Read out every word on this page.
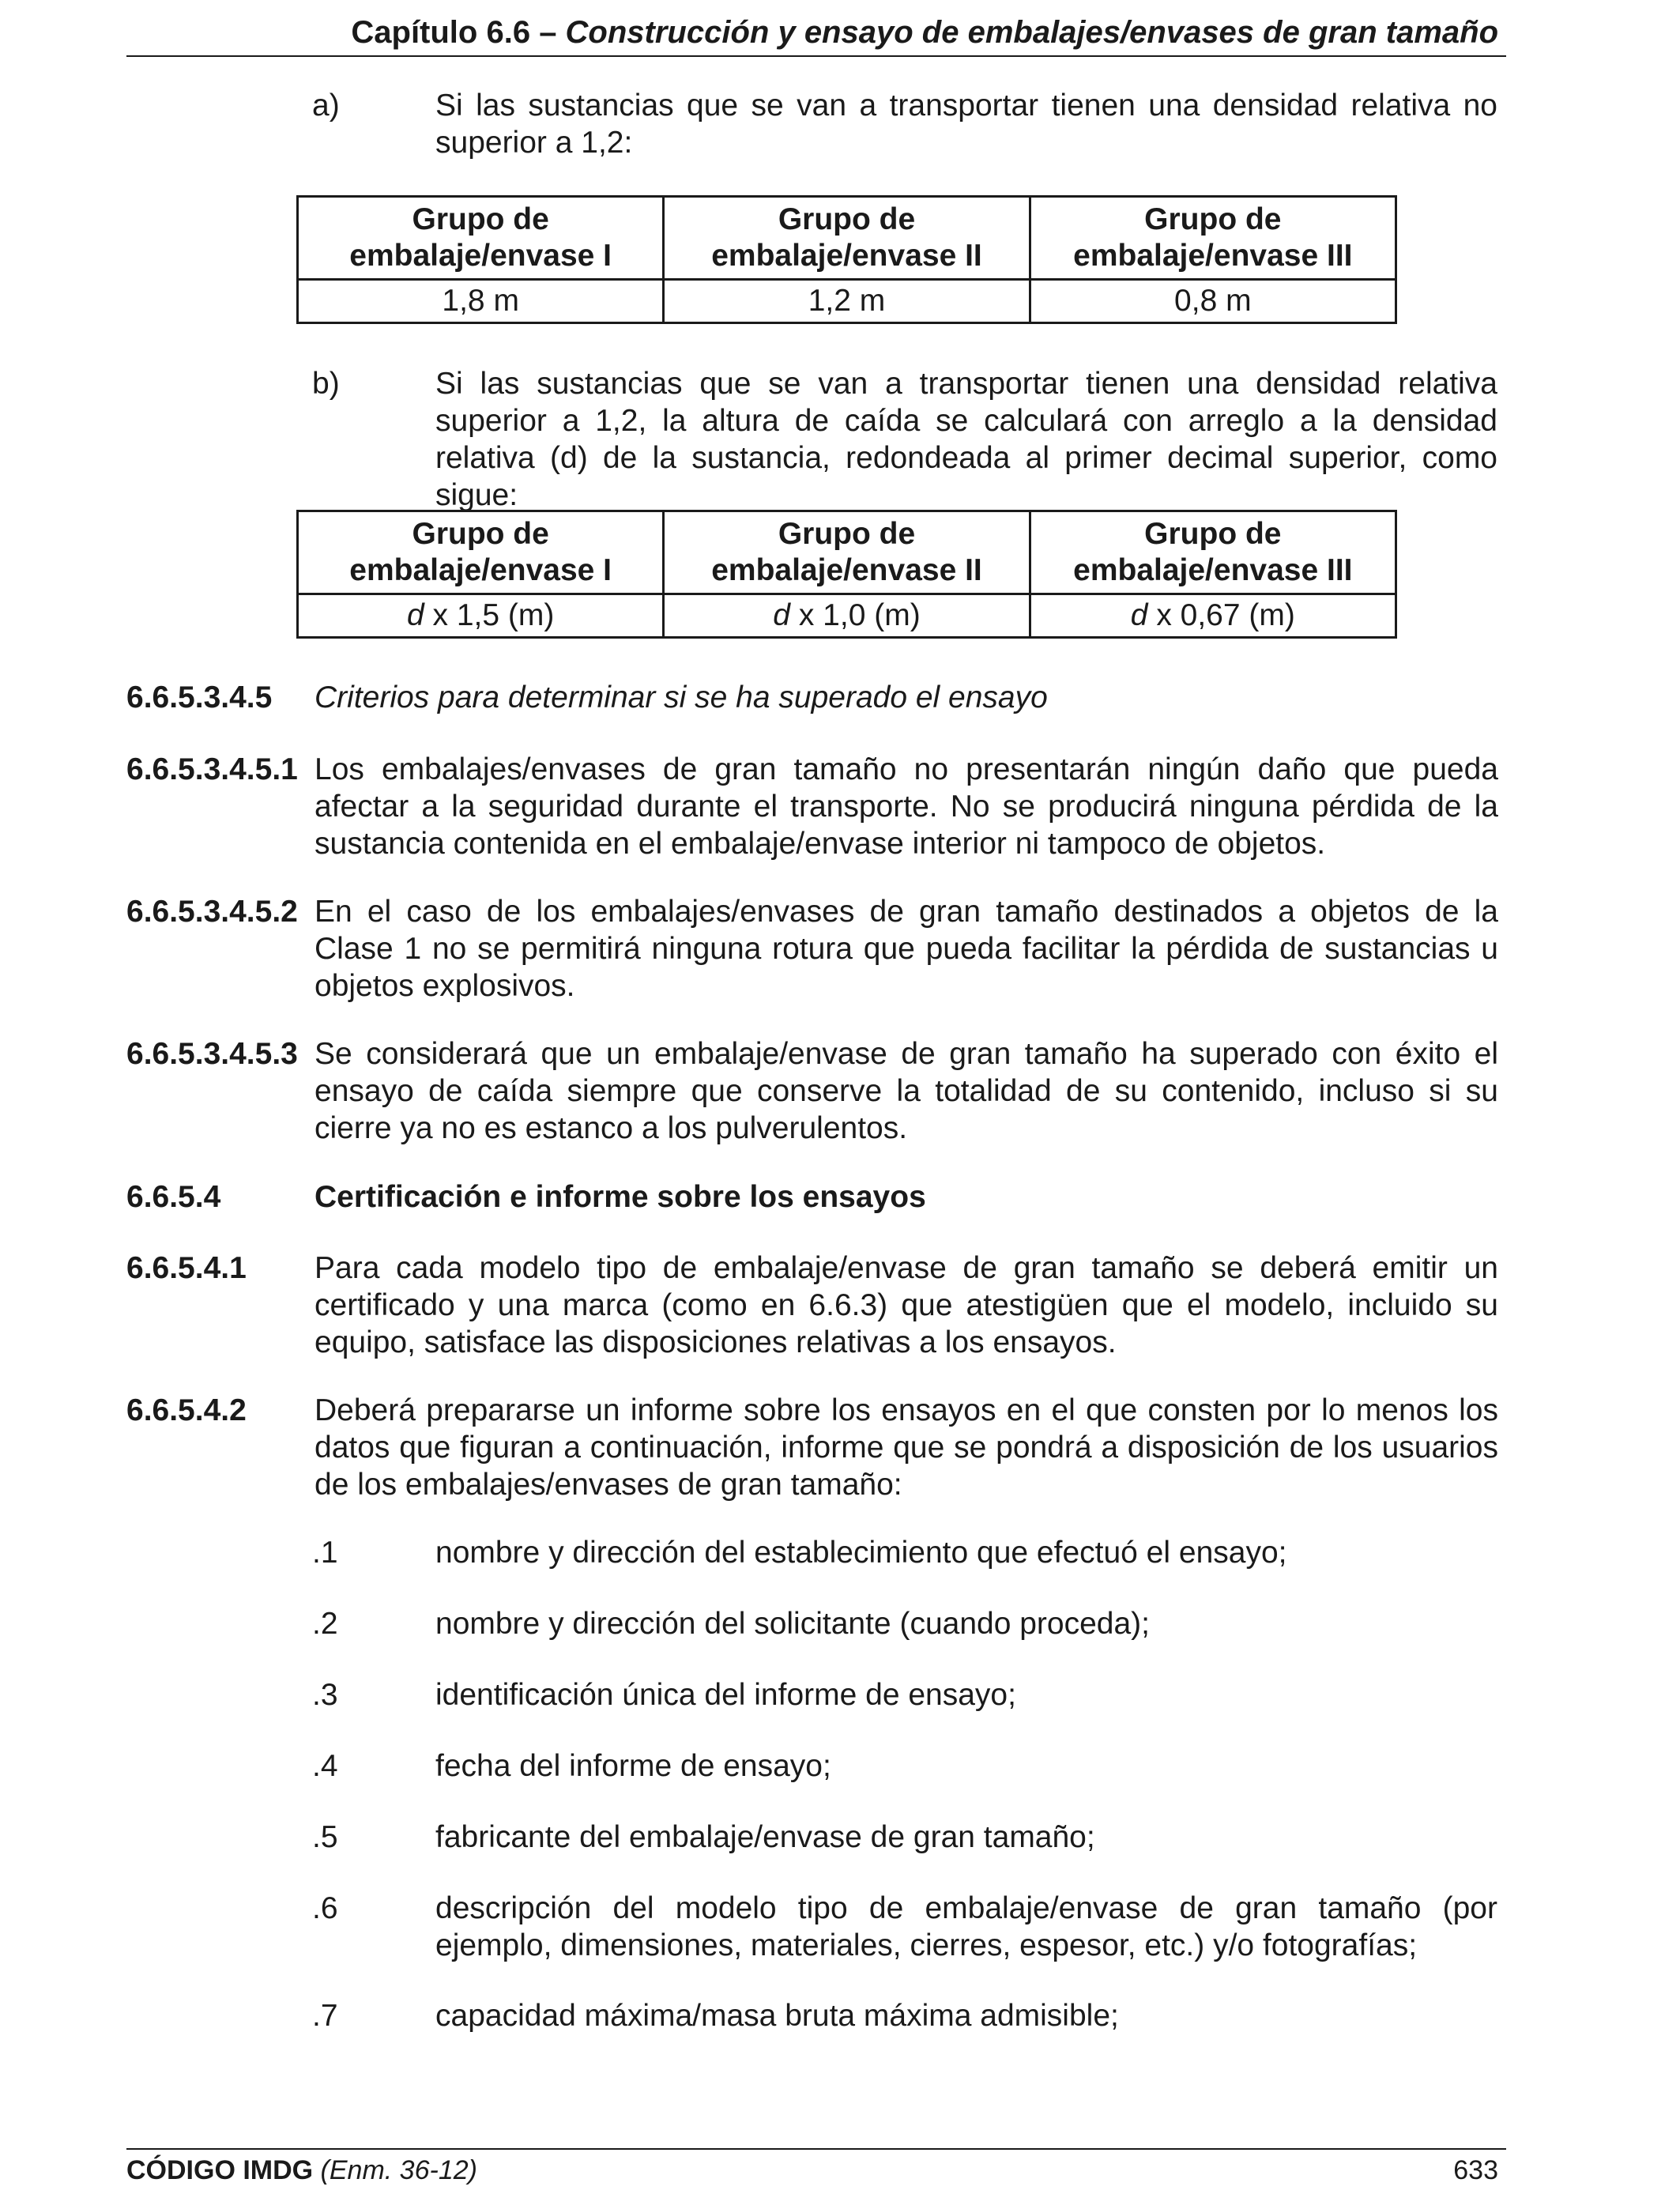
Capítulo 6.6 – Construcción y ensayo de embalajes/envases de gran tamaño
a)	Si las sustancias que se van a transportar tienen una densidad relativa no superior a 1,2:
Grupo de embalaje/envase I	Grupo de embalaje/envase II	Grupo de embalaje/envase III
1,8 m	1,2 m	0,8 m
b)	Si las sustancias que se van a transportar tienen una densidad relativa superior a 1,2, la altura de caída se calculará con arreglo a la densidad relativa (d) de la sustancia, redondeada al primer decimal superior, como sigue:
Grupo de embalaje/envase I	Grupo de embalaje/envase II	Grupo de embalaje/envase III
d x 1,5 (m)	d x 1,0 (m)	d x 0,67 (m)
6.6.5.3.4.5 Criterios para determinar si se ha superado el ensayo
6.6.5.3.4.5.1 Los embalajes/envases de gran tamaño no presentarán ningún daño que pueda afectar a la seguridad durante el transporte. No se producirá ninguna pérdida de la sustancia contenida en el embalaje/envase interior ni tampoco de objetos.
6.6.5.3.4.5.2 En el caso de los embalajes/envases de gran tamaño destinados a objetos de la Clase 1 no se permitirá ninguna rotura que pueda facilitar la pérdida de sustancias u objetos explosivos.
6.6.5.3.4.5.3 Se considerará que un embalaje/envase de gran tamaño ha superado con éxito el ensayo de caída siempre que conserve la totalidad de su contenido, incluso si su cierre ya no es estanco a los pulverulentos.
6.6.5.4	Certificación e informe sobre los ensayos
6.6.5.4.1 Para cada modelo tipo de embalaje/envase de gran tamaño se deberá emitir un certificado y una marca (como en 6.6.3) que atestigüen que el modelo, incluido su equipo, satisface las disposiciones relativas a los ensayos.
6.6.5.4.2 Deberá prepararse un informe sobre los ensayos en el que consten por lo menos los datos que figuran a continuación, informe que se pondrá a disposición de los usuarios de los embalajes/envases de gran tamaño:
.1	nombre y dirección del establecimiento que efectuó el ensayo;
.2	nombre y dirección del solicitante (cuando proceda);
.3	identificación única del informe de ensayo;
.4	fecha del informe de ensayo;
.5	fabricante del embalaje/envase de gran tamaño;
.6	descripción del modelo tipo de embalaje/envase de gran tamaño (por ejemplo, dimensiones, materiales, cierres, espesor, etc.) y/o fotografías;
.7	capacidad máxima/masa bruta máxima admisible;
CÓDIGO IMDG (Enm. 36-12)	633
